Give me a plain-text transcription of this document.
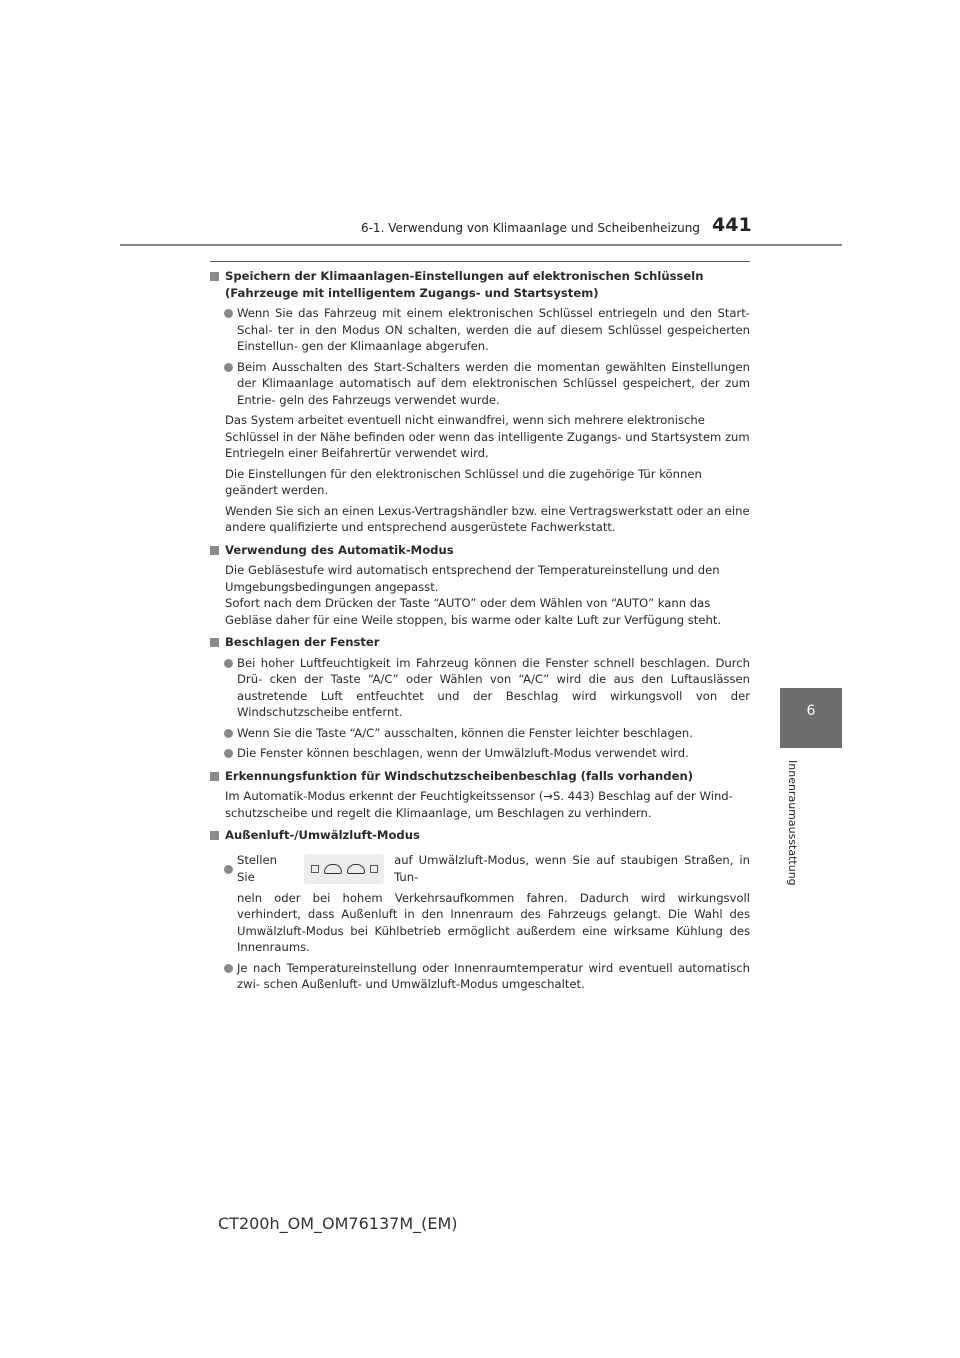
6-1. Verwendung von Klimaanlage und Scheibenheizung 441
6
Innenraumausstattung
Speichern der Klimaanlagen-Einstellungen auf elektronischen Schlüsseln (Fahrzeuge mit intelligentem Zugangs- und Startsystem)
Wenn Sie das Fahrzeug mit einem elektronischen Schlüssel entriegeln und den Start-Schal- ter in den Modus ON schalten, werden die auf diesem Schlüssel gespeicherten Einstellun- gen der Klimaanlage abgerufen.
Beim Ausschalten des Start-Schalters werden die momentan gewählten Einstellungen der Klimaanlage automatisch auf dem elektronischen Schlüssel gespeichert, der zum Entrie- geln des Fahrzeugs verwendet wurde.
Das System arbeitet eventuell nicht einwandfrei, wenn sich mehrere elektronische Schlüssel in der Nähe befinden oder wenn das intelligente Zugangs- und Startsystem zum Entriegeln einer Beifahrertür verwendet wird.
Die Einstellungen für den elektronischen Schlüssel und die zugehörige Tür können geändert werden.
Wenden Sie sich an einen Lexus-Vertragshändler bzw. eine Vertragswerkstatt oder an eine andere qualifizierte und entsprechend ausgerüstete Fachwerkstatt.
Verwendung des Automatik-Modus
Die Gebläsestufe wird automatisch entsprechend der Temperatureinstellung und den Umgebungsbedingungen angepasst.
Sofort nach dem Drücken der Taste “AUTO” oder dem Wählen von “AUTO” kann das Gebläse daher für eine Weile stoppen, bis warme oder kalte Luft zur Verfügung steht.
Beschlagen der Fenster
Bei hoher Luftfeuchtigkeit im Fahrzeug können die Fenster schnell beschlagen. Durch Drü- cken der Taste “A/C” oder Wählen von “A/C” wird die aus den Luftauslässen austretende Luft entfeuchtet und der Beschlag wird wirkungsvoll von der Windschutzscheibe entfernt.
Wenn Sie die Taste “A/C” ausschalten, können die Fenster leichter beschlagen.
Die Fenster können beschlagen, wenn der Umwälzluft-Modus verwendet wird.
Erkennungsfunktion für Windschutzscheibenbeschlag (falls vorhanden)
Im Automatik-Modus erkennt der Feuchtigkeitssensor (→S. 443) Beschlag auf der Wind- schutzscheibe und regelt die Klimaanlage, um Beschlagen zu verhindern.
Außenluft-/Umwälzluft-Modus
Stellen Sie
auf Umwälzluft-Modus, wenn Sie auf staubigen Straßen, in Tun-
neln oder bei hohem Verkehrsaufkommen fahren. Dadurch wird wirkungsvoll verhindert, dass Außenluft in den Innenraum des Fahrzeugs gelangt. Die Wahl des Umwälzluft-Modus bei Kühlbetrieb ermöglicht außerdem eine wirksame Kühlung des Innenraums.
Je nach Temperatureinstellung oder Innenraumtemperatur wird eventuell automatisch zwi- schen Außenluft- und Umwälzluft-Modus umgeschaltet.
CT200h_OM_OM76137M_(EM)
